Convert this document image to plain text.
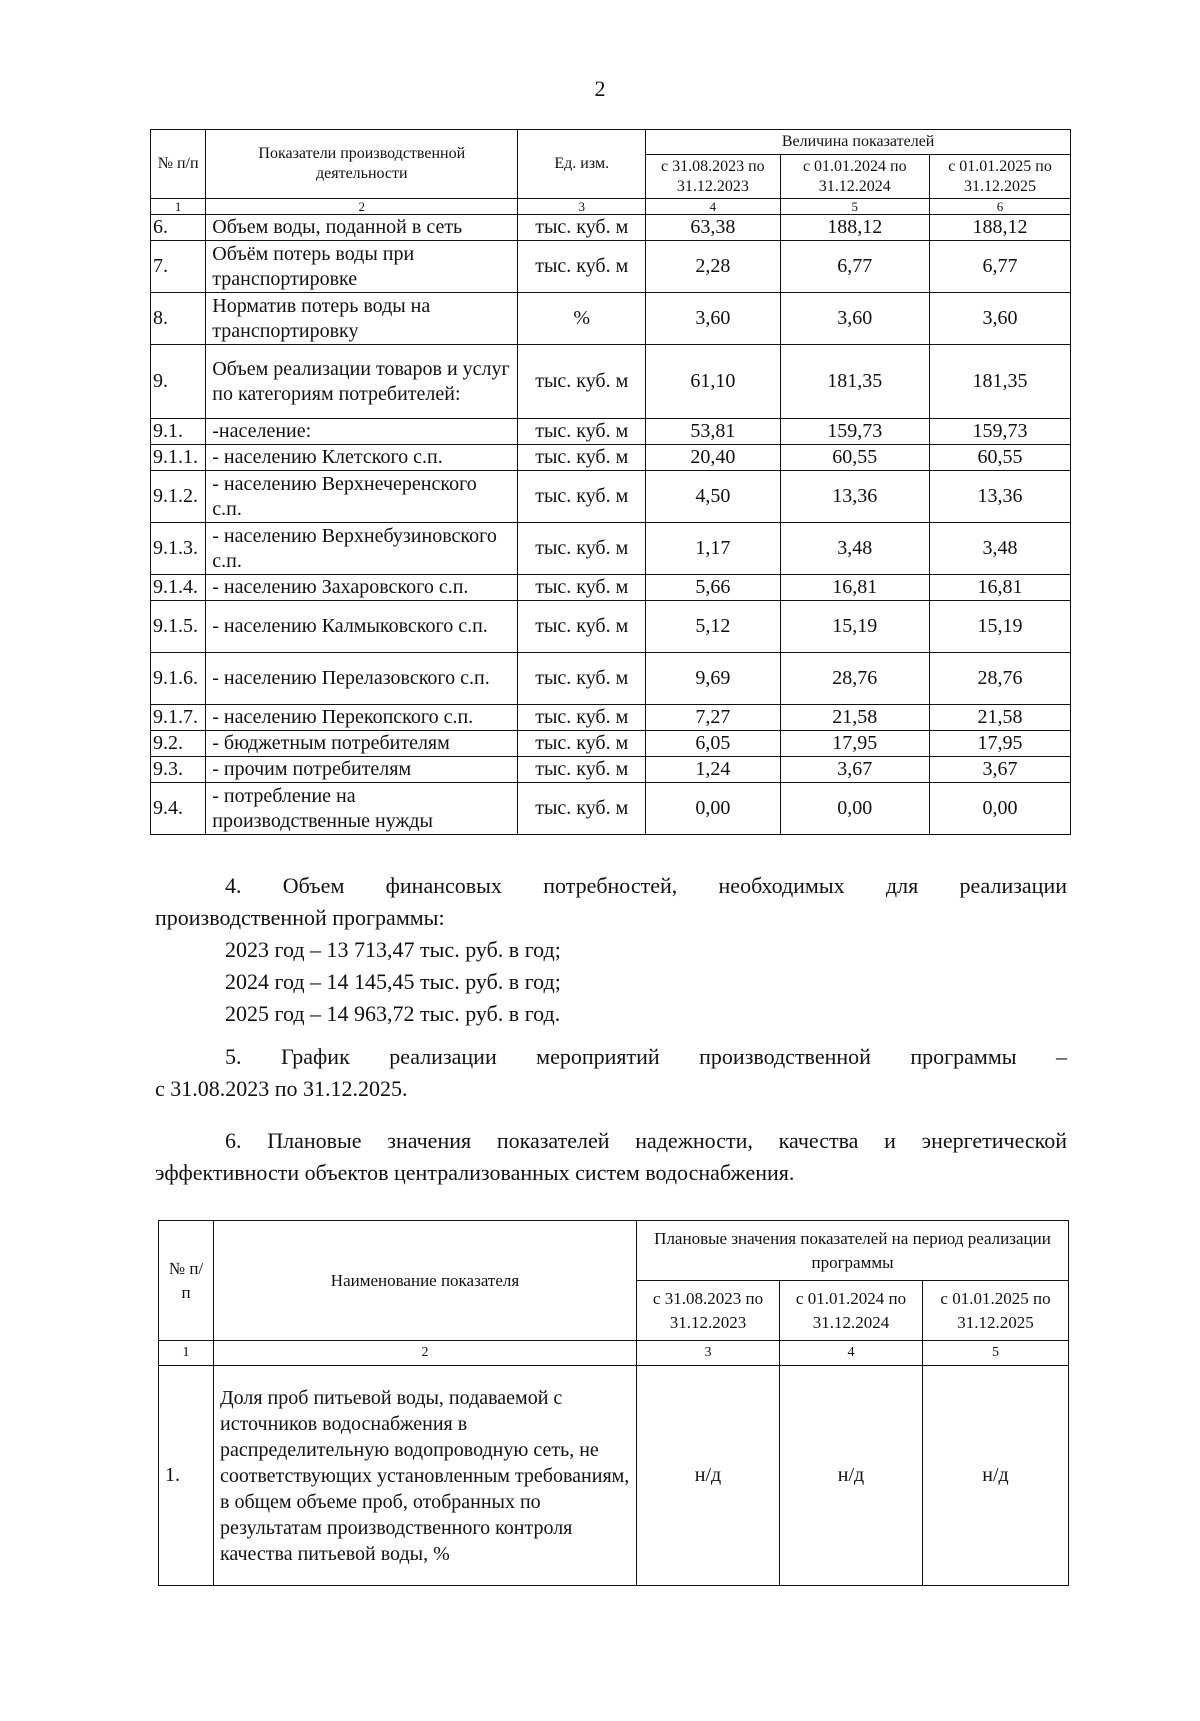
2
№ п/п	Показатели производственной деятельности	Ед. изм.	Величина показателей		
			с 31.08.2023 по 31.12.2023	с 01.01.2024 по 31.12.2024	с 01.01.2025 по 31.12.2025
1	2	3	4	5	6
6.	Объем воды, поданной в сеть	тыс. куб. м	63,38	188,12	188,12
7.	Объём потерь воды при транспортировке	тыс. куб. м	2,28	6,77	6,77
8.	Норматив потерь воды на транспортировку	%	3,60	3,60	3,60
9.	Объем реализации товаров и услуг по категориям потребителей:	тыс. куб. м	61,10	181,35	181,35
9.1.	-население:	тыс. куб. м	53,81	159,73	159,73
9.1.1.	- населению Клетского с.п.	тыс. куб. м	20,40	60,55	60,55
9.1.2.	- населению Верхнечеренского с.п.	тыс. куб. м	4,50	13,36	13,36
9.1.3.	- населению Верхнебузиновского с.п.	тыс. куб. м	1,17	3,48	3,48
9.1.4.	- населению Захаровского с.п.	тыс. куб. м	5,66	16,81	16,81
9.1.5.	- населению Калмыковского с.п.	тыс. куб. м	5,12	15,19	15,19
9.1.6.	- населению Перелазовского с.п.	тыс. куб. м	9,69	28,76	28,76
9.1.7.	- населению Перекопского с.п.	тыс. куб. м	7,27	21,58	21,58
9.2.	- бюджетным потребителям	тыс. куб. м	6,05	17,95	17,95
9.3.	- прочим потребителям	тыс. куб. м	1,24	3,67	3,67
9.4.	- потребление на производственные нужды	тыс. куб. м	0,00	0,00	0,00
4. Объем финансовых потребностей, необходимых для реализации
производственной программы:
2023 год – 13 713,47 тыс. руб. в год;
2024 год – 14 145,45 тыс. руб. в год;
2025 год – 14 963,72 тыс. руб. в год.
5. График реализации мероприятий производственной программы –
с 31.08.2023 по 31.12.2025.
6. Плановые значения показателей надежности, качества и энергетической
эффективности объектов централизованных систем водоснабжения.
№ п/п	Наименование показателя	Плановые значения показателей на период реализации программы		
		с 31.08.2023 по 31.12.2023	с 01.01.2024 по 31.12.2024	с 01.01.2025 по 31.12.2025
1	2	3	4	5
1.	Доля проб питьевой воды, подаваемой с источников водоснабжения в распределительную водопроводную сеть, не соответствующих установленным требованиям, в общем объеме проб, отобранных по результатам производственного контроля качества питьевой воды, %	н/д	н/д	н/д
